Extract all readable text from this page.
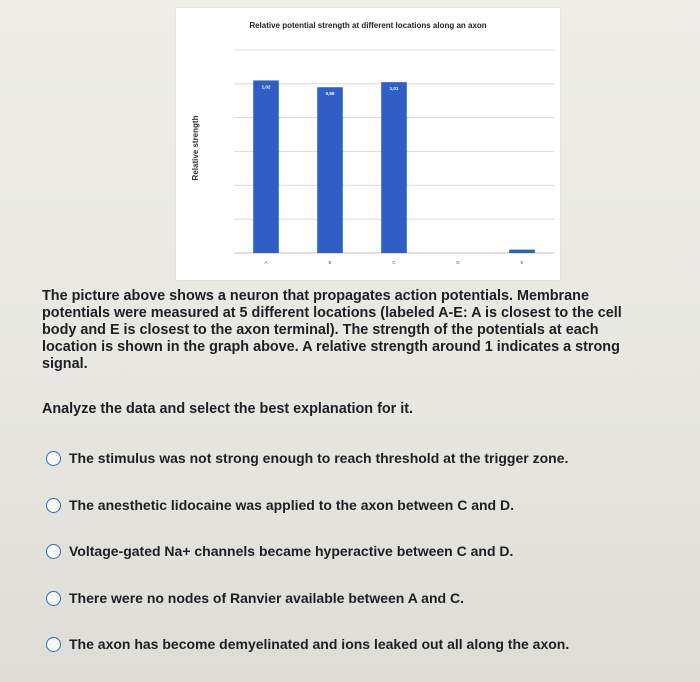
Relative potential strength at different locations along an axon
Relative strength
1,02
0,98
1,01
0,02
A	B	C	D	E
The picture above shows a neuron that propagates action potentials. Membrane potentials were measured at 5 different locations (labeled A-E: A is closest to the cell body and E is closest to the axon terminal). The strength of the potentials at each location is shown in the graph above. A relative strength around 1 indicates a strong signal.
Analyze the data and select the best explanation for it.
The stimulus was not strong enough to reach threshold at the trigger zone.
The anesthetic lidocaine was applied to the axon between C and D.
Voltage-gated Na+ channels became hyperactive between C and D.
There were no nodes of Ranvier available between A and C.
The axon has become demyelinated and ions leaked out all along the axon.
